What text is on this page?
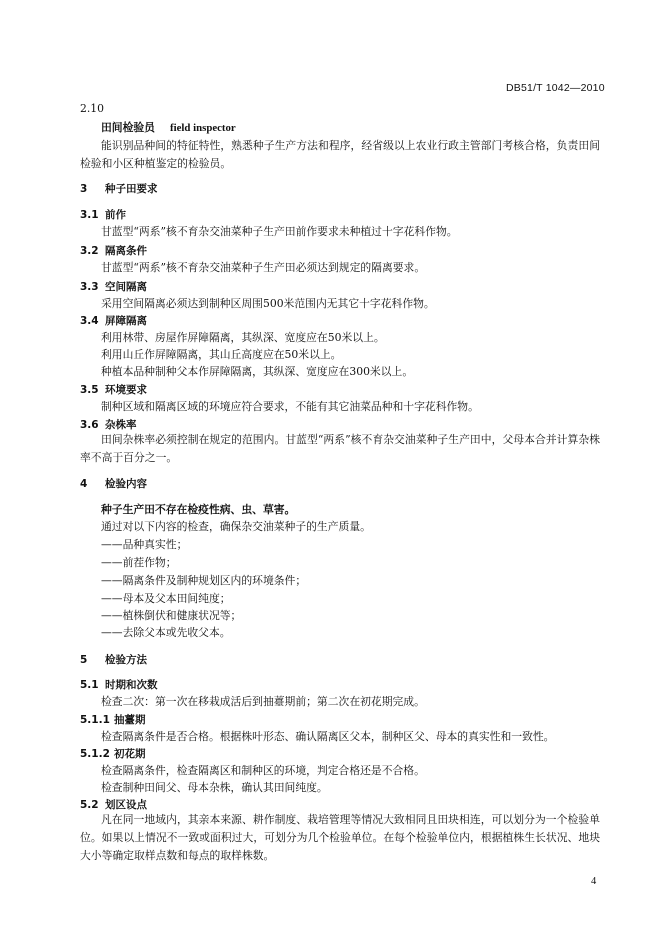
DB51/T 1042—2010
2.10
田间检验员 field inspector
能识别品种间的特征特性，熟悉种子生产方法和程序，经省级以上农业行政主管部门考核合格，负责田间检验和小区种植鉴定的检验员。
3 种子田要求
3.1 前作
甘蓝型“两系”核不育杂交油菜种子生产田前作要求未种植过十字花科作物。
3.2 隔离条件
甘蓝型“两系”核不育杂交油菜种子生产田必须达到规定的隔离要求。
3.3 空间隔离
采用空间隔离必须达到制种区周围500米范围内无其它十字花科作物。
3.4 屏障隔离
利用林带、房屋作屏障隔离，其纵深、宽度应在50米以上。
利用山丘作屏障隔离，其山丘高度应在50米以上。
种植本品种制种父本作屏障隔离，其纵深、宽度应在300米以上。
3.5 环境要求
制种区域和隔离区域的环境应符合要求，不能有其它油菜品种和十字花科作物。
3.6 杂株率
田间杂株率必须控制在规定的范围内。甘蓝型“两系”核不育杂交油菜种子生产田中，父母本合并计算杂株率不高于百分之一。
4 检验内容
种子生产田不存在检疫性病、虫、草害。
通过对以下内容的检查，确保杂交油菜种子的生产质量。
——品种真实性；
——前茬作物；
——隔离条件及制种规划区内的环境条件；
——母本及父本田间纯度；
——植株倒伏和健康状况等；
——去除父本或先收父本。
5 检验方法
5.1 时期和次数
检查二次：第一次在移栽成活后到抽薹期前；第二次在初花期完成。
5.1.1 抽薹期
检查隔离条件是否合格。根据株叶形态、确认隔离区父本，制种区父、母本的真实性和一致性。
5.1.2 初花期
检查隔离条件，检查隔离区和制种区的环境，判定合格还是不合格。
检查制种田间父、母本杂株，确认其田间纯度。
5.2 划区设点
凡在同一地域内，其亲本来源、耕作制度、栽培管理等情况大致相同且田块相连，可以划分为一个检验单位。如果以上情况不一致或面积过大，可划分为几个检验单位。在每个检验单位内，根据植株生长状况、地块大小等确定取样点数和每点的取样株数。
4
